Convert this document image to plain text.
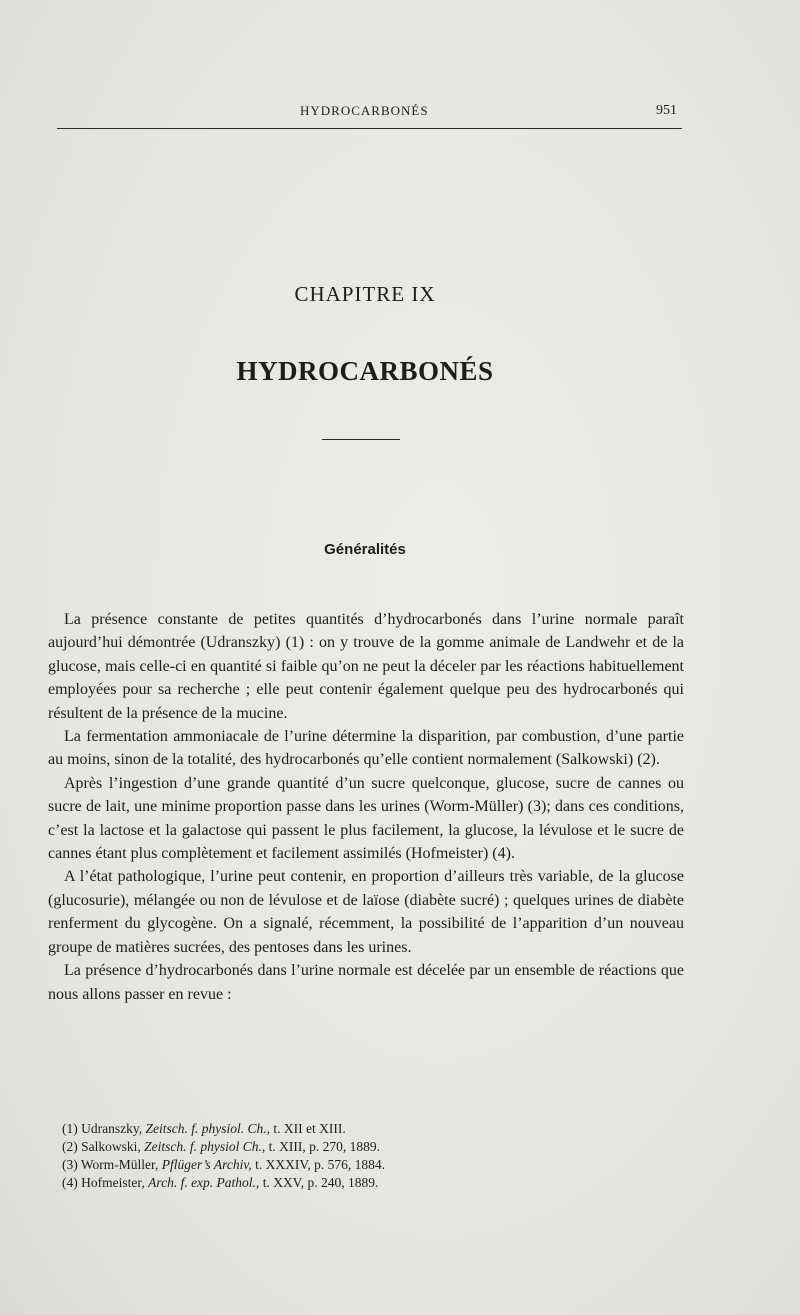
HYDROCARBONÉS	951
CHAPITRE IX
HYDROCARBONÉS
Généralités

La présence constante de petites quantités d’hydrocarbonés dans l’urine normale paraît aujourd’hui démontrée (Udranszky) (1) : on y trouve de la gomme animale de Landwehr et de la glucose, mais celle-ci en quantité si faible qu’on ne peut la déceler par les réactions habituellement employées pour sa recherche ; elle peut contenir également quelque peu des hydrocarbonés qui résultent de la présence de la mucine.

La fermentation ammoniacale de l’urine détermine la disparition, par combustion, d’une partie au moins, sinon de la totalité, des hydrocarbonés qu’elle contient normalement (Salkowski) (2).

Après l’ingestion d’une grande quantité d’un sucre quelconque, glucose, sucre de cannes ou sucre de lait, une minime proportion passe dans les urines (Worm-Müller) (3); dans ces conditions, c’est la lactose et la galactose qui passent le plus facilement, la glucose, la lévulose et le sucre de cannes étant plus complètement et facilement assimilés (Hofmeister) (4).

A l’état pathologique, l’urine peut contenir, en proportion d’ailleurs très variable, de la glucose (glucosurie), mélangée ou non de lévulose et de laïose (diabète sucré) ; quelques urines de diabète renferment du glycogène. On a signalé, récemment, la possibilité de l’apparition d’un nouveau groupe de matières sucrées, des pentoses dans les urines.

La présence d’hydrocarbonés dans l’urine normale est décelée par un ensemble de réactions que nous allons passer en revue :

(1) Udranszky, Zeitsch. f. physiol. Ch., t. XII et XIII.

(2) Salkowski, Zeitsch. f. physiol Ch., t. XIII, p. 270, 1889.

(3) Worm-Müller, Pflüger’s Archiv, t. XXXIV, p. 576, 1884.

(4) Hofmeister, Arch. f. exp. Pathol., t. XXV, p. 240, 1889.
